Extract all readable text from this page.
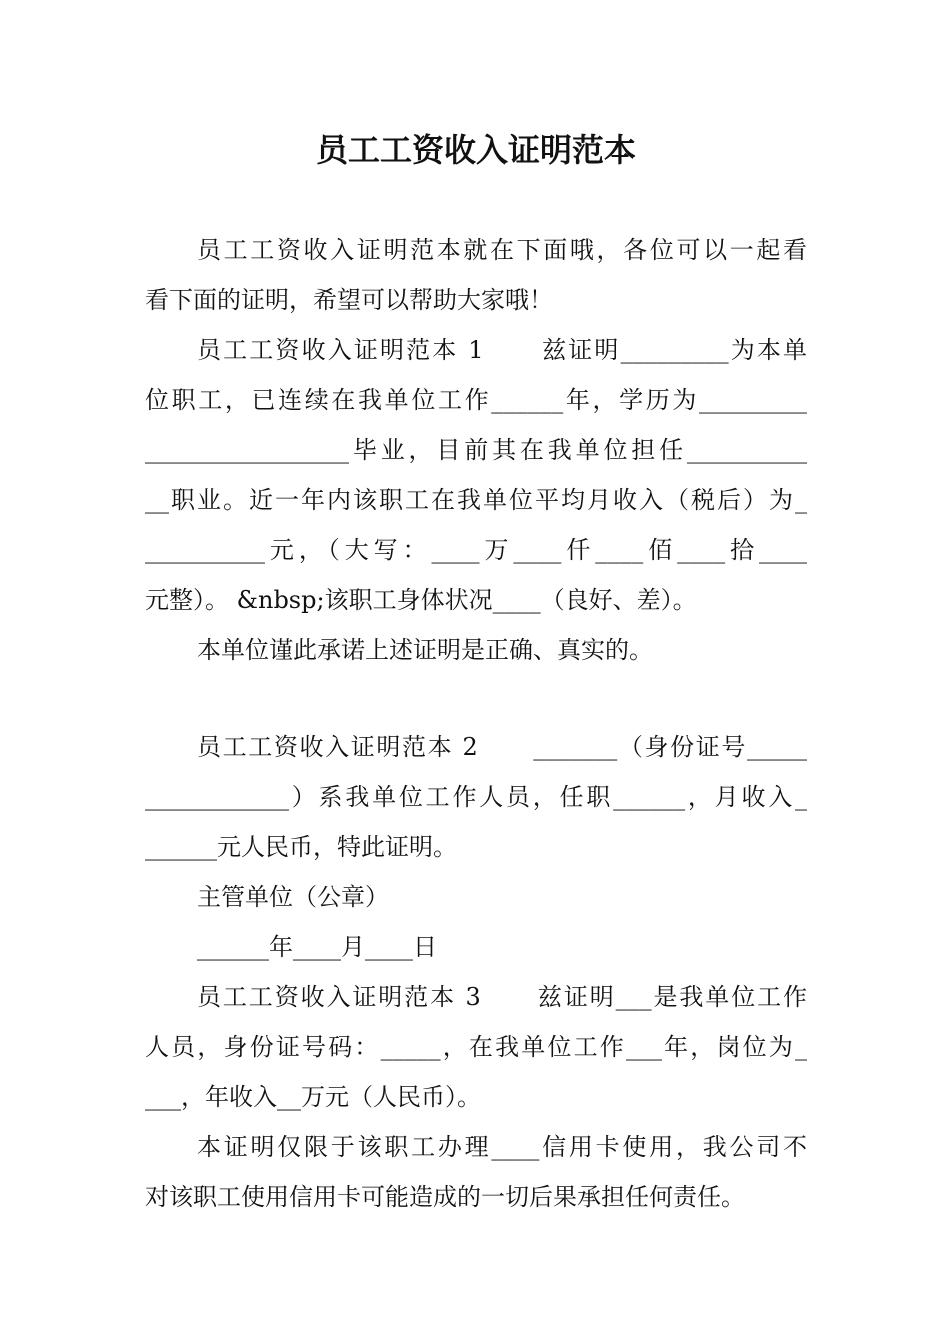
员工工资收入证明范本
员工工资收入证明范本就在下面哦，各位可以一起看
看下面的证明，希望可以帮助大家哦！
员工工资收入证明范本 1      兹证明_________为本单
位职工，已连续在我单位工作______年，学历为_________
_________________毕业，目前其在我单位担任__________
__职业。近一年内该职工在我单位平均月收入（税后）为_
__________元，（大写：____万____仟____佰____拾____
元整）。 &nbsp;该职工身体状况____（良好、差）。
本单位谨此承诺上述证明是正确、真实的。
员工工资收入证明范本 2      _______（身份证号_____
____________）系我单位工作人员，任职______，月收入_
______元人民币，特此证明。
主管单位（公章）
______年____月____日
员工工资收入证明范本 3      兹证明___是我单位工作
人员，身份证号码：_____，在我单位工作___年，岗位为_
___，年收入__万元（人民币）。
本证明仅限于该职工办理____信用卡使用，我公司不
对该职工使用信用卡可能造成的一切后果承担任何责任。
